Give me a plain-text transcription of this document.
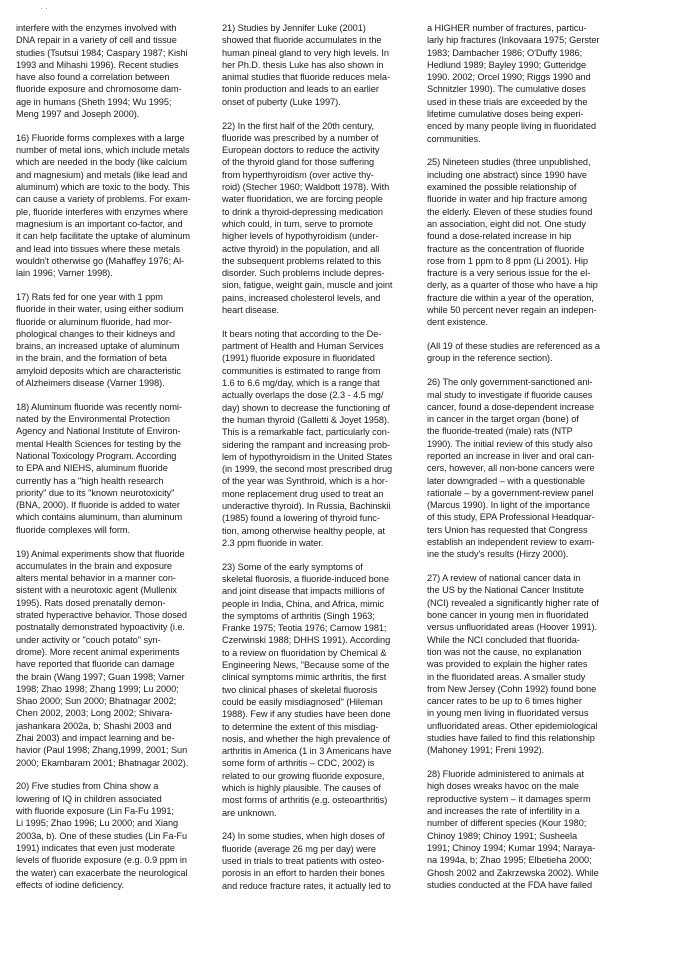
· ·

interfere with the enzymes involved with
DNA repair in a variety of cell and tissue
studies (Tsutsui 1984; Caspary 1987; Kishi
1993 and Mihashi 1996). Recent studies
have also found a correlation between
fluoride exposure and chromosome dam-
age in humans (Sheth 1994; Wu 1995;
Meng 1997 and Joseph 2000).

16) Fluoride forms complexes with a large
number of metal ions, which include metals
which are needed in the body (like calcium
and magnesium) and metals (like lead and
aluminum) which are toxic to the body. This
can cause a variety of problems. For exam-
ple, fluoride interferes with enzymes where
magnesium is an important co-factor, and
it can help facilitate the uptake of aluminum
and lead into tissues where these metals
wouldn't otherwise go (Mahaffey 1976; Al-
lain 1996; Varner 1998).

17) Rats fed for one year with 1 ppm
fluoride in their water, using either sodium
fluoride or aluminum fluoride, had mor-
phological changes to their kidneys and
brains, an increased uptake of aluminum
in the brain, and the formation of beta
amyloid deposits which are characteristic
of Alzheimers disease (Varner 1998).

18) Aluminum fluoride was recently nomi-
nated by the Environmental Protection
Agency and National Institute of Environ-
mental Health Sciences for testing by the
National Toxicology Program. According
to EPA and NIEHS, aluminum fluoride
currently has a "high health research
priority" due to its "known neurotoxicity"
(BNA, 2000). If fluoride is added to water
which contains aluminum, than aluminum
fluoride complexes will form.

19) Animal experiments show that fluoride
accumulates in the brain and exposure
alters mental behavior in a manner con-
sistent with a neurotoxic agent (Mullenix
1995). Rats dosed prenatally demon-
strated hyperactive behavior. Those dosed
postnatally demonstrated hypoactivity (i.e.
under activity or "couch potato" syn-
drome). More recent animal experiments
have reported that fluoride can damage
the brain (Wang 1997; Guan 1998; Varner
1998; Zhao 1998; Zhang 1999; Lu 2000;
Shao 2000; Sun 2000; Bhatnagar 2002;
Chen 2002, 2003; Long 2002; Shivara-
jashankara 2002a, b; Shashi 2003 and
Zhai 2003) and impact learning and be-
havior (Paul 1998; Zhang,1999, 2001; Sun
2000; Ekambaram 2001; Bhatnagar 2002).

20) Five studies from China show a
lowering of IQ in children associated
with fluoride exposure (Lin Fa-Fu 1991;
Li 1995; Zhao 1996; Lu 2000; and Xiang
2003a, b). One of these studies (Lin Fa-Fu
1991) indicates that even just moderate
levels of fluoride exposure (e.g. 0.9 ppm in
the water) can exacerbate the neurological
effects of iodine deficiency.

21) Studies by Jennifer Luke (2001)
showed that fluoride accumulates in the
human pineal gland to very high levels. In
her Ph.D. thesis Luke has also shown in
animal studies that fluoride reduces mela-
tonin production and leads to an earlier
onset of puberty (Luke 1997).

22) In the first half of the 20th century,
fluoride was prescribed by a number of
European doctors to reduce the activity
of the thyroid gland for those suffering
from hyperthyroidism (over active thy-
roid) (Stecher 1960; Waldbott 1978). With
water fluoridation, we are forcing people
to drink a thyroid-depressing medication
which could, in turn, serve to promote
higher levels of hypothyroidism (under-
active thyroid) in the population, and all
the subsequent problems related to this
disorder. Such problems include depres-
sion, fatigue, weight gain, muscle and joint
pains, increased cholesterol levels, and
heart disease.

It bears noting that according to the De-
partment of Health and Human Services
(1991) fluoride exposure in fluoridated
communities is estimated to range from
1.6 to 6.6 mg/day, which is a range that
actually overlaps the dose (2.3 - 4.5 mg/
day) shown to decrease the functioning of
the human thyroid (Galletti & Joyet 1958).
This is a remarkable fact, particularly con-
sidering the rampant and increasing prob-
lem of hypothyroidism in the United States
(in 1999, the second most prescribed drug
of the year was Synthroid, which is a hor-
mone replacement drug used to treat an
underactive thyroid). In Russia, Bachinskii
(1985) found a lowering of thyroid func-
tion, among otherwise healthy people, at
2.3 ppm fluoride in water.

23) Some of the early symptoms of
skeletal fluorosis, a fluoride-induced bone
and joint disease that impacts millions of
people in India, China, and Africa, mimic
the symptoms of arthritis (Singh 1963;
Franke 1975; Teotia 1976; Carnow 1981;
Czerwinski 1988; DHHS 1991). According
to a review on fluoridation by Chemical &
Engineering News, "Because some of the
clinical symptoms mimic arthritis, the first
two clinical phases of skeletal fluorosis
could be easily misdiagnosed" (Hileman
1988). Few if any studies have been done
to determine the extent of this misdiag-
nosis, and whether the high prevalence of
arthritis in America (1 in 3 Americans have
some form of arthritis – CDC, 2002) is
related to our growing fluoride exposure,
which is highly plausible. The causes of
most forms of arthritis (e.g. osteoarthritis)
are unknown.

24) In some studies, when high doses of
fluoride (average 26 mg per day) were
used in trials to treat patients with osteo-
porosis in an effort to harden their bones
and reduce fracture rates, it actually led to

a HIGHER number of fractures, particu-
larly hip fractures (Inkovaara 1975; Gerster
1983; Dambacher 1986; O'Duffy 1986;
Hedlund 1989; Bayley 1990; Gutteridge
1990. 2002; Orcel 1990; Riggs 1990 and
Schnitzler 1990). The cumulative doses
used in these trials are exceeded by the
lifetime cumulative doses being experi-
enced by many people living in fluoridated
communities.

25) Nineteen studies (three unpublished,
including one abstract) since 1990 have
examined the possible relationship of
fluoride in water and hip fracture among
the elderly. Eleven of these studies found
an association, eight did not. One study
found a dose-related increase in hip
fracture as the concentration of fluoride
rose from 1 ppm to 8 ppm (Li 2001). Hip
fracture is a very serious issue for the el-
derly, as a quarter of those who have a hip
fracture die within a year of the operation,
while 50 percent never regain an indepen-
dent existence.

(All 19 of these studies are referenced as a
group in the reference section).

26) The only government-sanctioned ani-
mal study to investigate if fluoride causes
cancer, found a dose-dependent increase
in cancer in the target organ (bone) of
the fluoride-treated (male) rats (NTP
1990). The initial review of this study also
reported an increase in liver and oral can-
cers, however, all non-bone cancers were
later downgraded – with a questionable
rationale – by a government-review panel
(Marcus 1990). In light of the importance
of this study, EPA Professional Headquar-
ters Union has requested that Congress
establish an independent review to exam-
ine the study's results (Hirzy 2000).

27) A review of national cancer data in
the US by the National Cancer Institute
(NCI) revealed a significantly higher rate of
bone cancer in young men in fluoridated
versus unfluoridated areas (Hoover 1991).
While the NCI concluded that fluorida-
tion was not the cause, no explanation
was provided to explain the higher rates
in the fluoridated areas. A smaller study
from New Jersey (Cohn 1992) found bone
cancer rates to be up to 6 times higher
in young men living in fluoridated versus
unfluoridated areas. Other epidemiological
studies have failed to find this relationship
(Mahoney 1991; Freni 1992).

28) Fluoride administered to animals at
high doses wreaks havoc on the male
reproductive system – it damages sperm
and increases the rate of infertility in a
number of different species (Kour 1980;
Chinoy 1989; Chinoy 1991; Susheela
1991; Chinoy 1994; Kumar 1994; Naraya-
na 1994a, b; Zhao 1995; Elbetieha 2000;
Ghosh 2002 and Zakrzewska 2002). While
studies conducted at the FDA have failed
